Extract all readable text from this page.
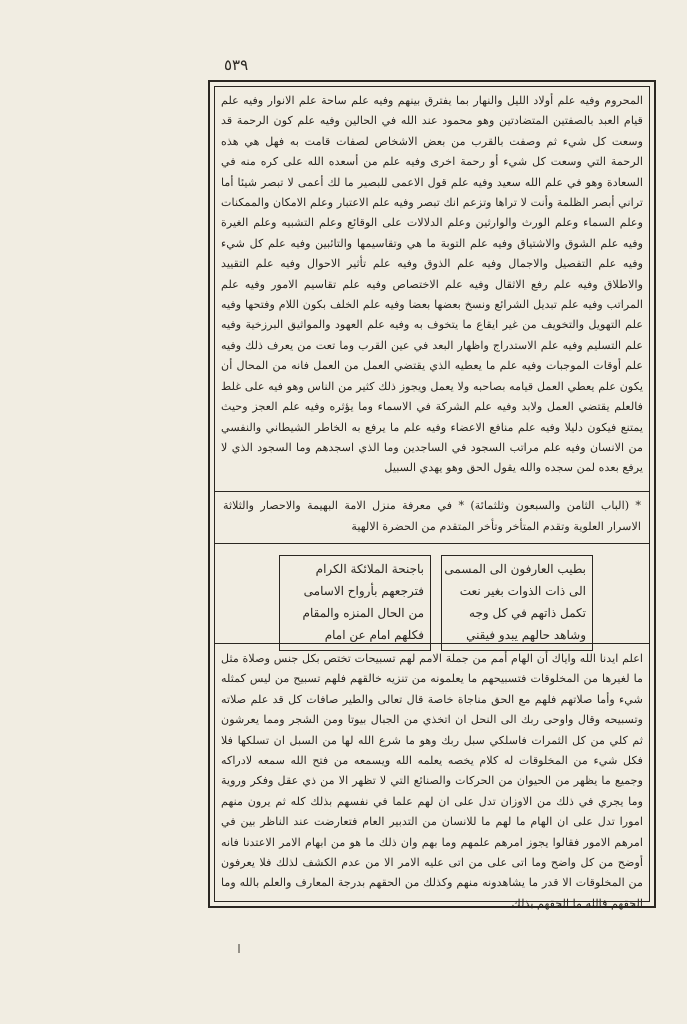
٥٣٩
المحروم وفيه علم أولاد الليل والنهار بما يفترق بينهم وفيه علم ساحة علم الانوار وفيه علم قيام العبد بالصفتين المتضادتين وهو محمود عند الله في الحالين وفيه علم كون الرحمة قد وسعت كل شيء ثم وصفت بالقرب من بعض الاشخاص لصفات قامت به فهل هي هذه الرحمة التي وسعت كل شيء أو رحمة اخرى وفيه علم من أسعده الله على كره منه في السعادة وهو في علم الله سعيد وفيه علم قول الاعمى للبصير ما لك أعمى لا تبصر شيئا أما تراني أبصر الظلمة وأنت لا تراها وتزعم انك تبصر وفيه علم الاعتبار وعلم الامكان والممكنات وعلم السماء وعلم الورث والوارثين وعلم الدلالات على الوقائع وعلم التشبيه وعلم الغيرة وفيه علم الشوق والاشتياق وفيه علم التوبة ما هي وتقاسيمها والتائبين وفيه علم كل شيء وفيه علم التفصيل والاجمال وفيه علم الذوق وفيه علم تأثير الاحوال وفيه علم التقييد والاطلاق وفيه علم رفع الاثقال وفيه علم الاختصاص وفيه علم تقاسيم الامور وفيه علم المراتب وفيه علم تبديل الشرائع ونسخ بعضها بعضا وفيه علم الخلف بكون اللام وفتحها وفيه علم التهويل والتخويف من غير ايقاع ما يتخوف به وفيه علم العهود والمواثيق البرزخية وفيه علم التسليم وفيه علم الاستدراج واظهار البعد في عين القرب وما تعت من يعرف ذلك وفيه علم أوقات الموجبات وفيه علم ما يعطيه الذي يقتضي العمل من العمل فانه من المحال أن يكون علم يعطي العمل قيامه بصاحبه ولا يعمل ويجوز ذلك كثير من الناس وهو فيه على غلط فالعلم يقتضي العمل ولابد وفيه علم الشركة في الاسماء وما يؤثره وفيه علم العجز وحيث يمتنع فيكون دليلا وفيه علم منافع الاعضاء وفيه علم ما يرفع به الخاطر الشيطاني والنفسي من الانسان وفيه علم مراتب السجود في الساجدين وما الذي اسجدهم وما السجود الذي لا يرفع بعده لمن سجده والله يقول الحق وهو يهدي السبيل
* (الباب الثامن والسبعون وثلثمائة) * في معرفة منزل الامة البهيمة والاحصار والثلاثة الاسرار العلوية وتقدم المتأخر وتأخر المتقدم من الحضرة الالهية
بطيب العارفون الى المسمى
الى ذات الذوات بغير نعت
تكمل ذاتهم في كل وجه
وشاهد حالهم يبدو فيقني
باجنحة الملائكة الكرام
فترجعهم بأرواح الاسامى
من الحال المنزه والمقام
فكلهم امام عن امام
اعلم ايدنا الله واياك أن الهام أمم من جملة الامم لهم تسبيحات تختص بكل جنس وصلاة مثل ما لغيرها من المخلوقات فتسبيحهم ما يعلمونه من تنزيه خالقهم فلهم تسبيح من ليس كمثله شيء وأما صلاتهم فلهم مع الحق مناجاة خاصة قال تعالى والطير صافات كل قد علم صلاته وتسبيحه وقال واوحى ربك الى النحل ان اتخذي من الجبال بيوتا ومن الشجر ومما يعرشون ثم كلي من كل الثمرات فاسلكي سبل ربك وهو ما شرع الله لها من السبل ان تسلكها فلا فكل شيء من المخلوقات له كلام يخصه يعلمه الله ويسمعه من فتح الله سمعه لادراكه وجميع ما يظهر من الحيوان من الحركات والصنائع التي لا تظهر الا من ذي عقل وفكر وروية وما يجري في ذلك من الاوزان تدل على ان لهم علما في نفسهم بذلك كله ثم يرون منهم امورا تدل على ان الهام ما لهم ما للانسان من التدبير العام فتعارضت عند الناظر بين في امرهم الامور فقالوا يجوز امرهم علمهم وما بهم وان ذلك ما هو من ابهام الامر الاعتدنا فانه أوضح من كل واضح وما اتى على من اتى عليه الامر الا من عدم الكشف لذلك فلا يعرفون من المخلوقات الا قدر ما يشاهدونه منهم وكذلك من الحقهم بدرجة المعارف والعلم بالله وما الحقهم فالله ما الحقهم بذلك
